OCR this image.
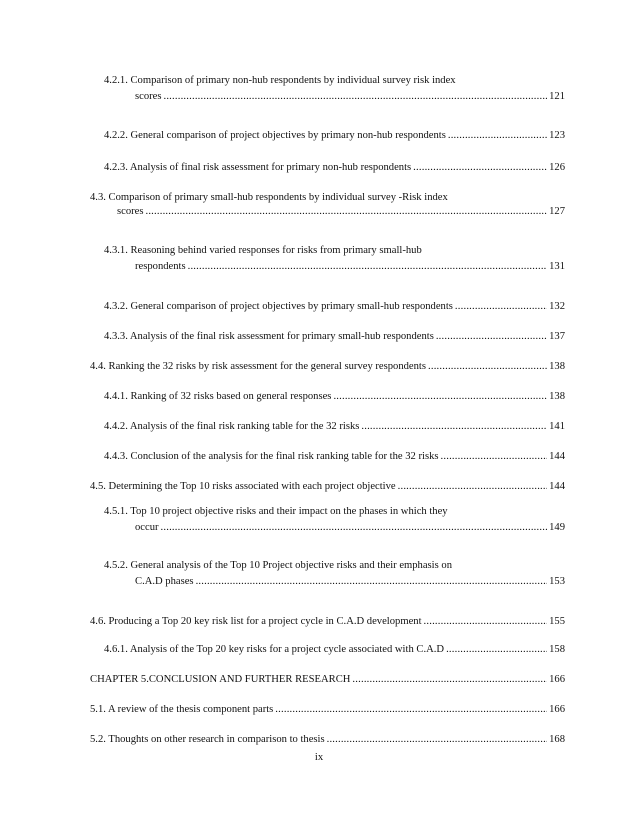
4.2.1. Comparison of primary non-hub respondents by individual survey risk index
scores .....	121
4.2.2. General comparison of project objectives by primary non-hub respondents .....	123
4.2.3. Analysis of final risk assessment for primary non-hub respondents .....	126
4.3. Comparison of primary small-hub respondents by individual survey -Risk index
scores .....	127
4.3.1. Reasoning behind varied responses for risks from primary small-hub
respondents .....	131
4.3.2. General comparison of project objectives by primary small-hub respondents .....	132
4.3.3. Analysis of the final risk assessment for primary small-hub respondents .....	137
4.4. Ranking the 32 risks by risk assessment for the general survey respondents .....	138
4.4.1. Ranking of 32 risks based on general responses .....	138
4.4.2. Analysis of the final risk ranking table for the 32 risks .....	141
4.4.3. Conclusion of the analysis for the final risk ranking table for the 32 risks .....	144
4.5. Determining the Top 10 risks associated with each project objective .....	144
4.5.1. Top 10 project objective risks and their impact on the phases in which they
occur .....	149
4.5.2. General analysis of the Top 10 Project objective risks and their emphasis on
C.A.D phases .....	153
4.6. Producing a Top 20 key risk list for a project cycle in C.A.D development .....	155
4.6.1. Analysis of the Top 20 key risks for a project cycle associated with C.A.D .....	158
CHAPTER 5.CONCLUSION AND FURTHER RESEARCH .....	166
5.1. A review of the thesis component parts .....	166
5.2. Thoughts on other research in comparison to thesis .....	168
ix
